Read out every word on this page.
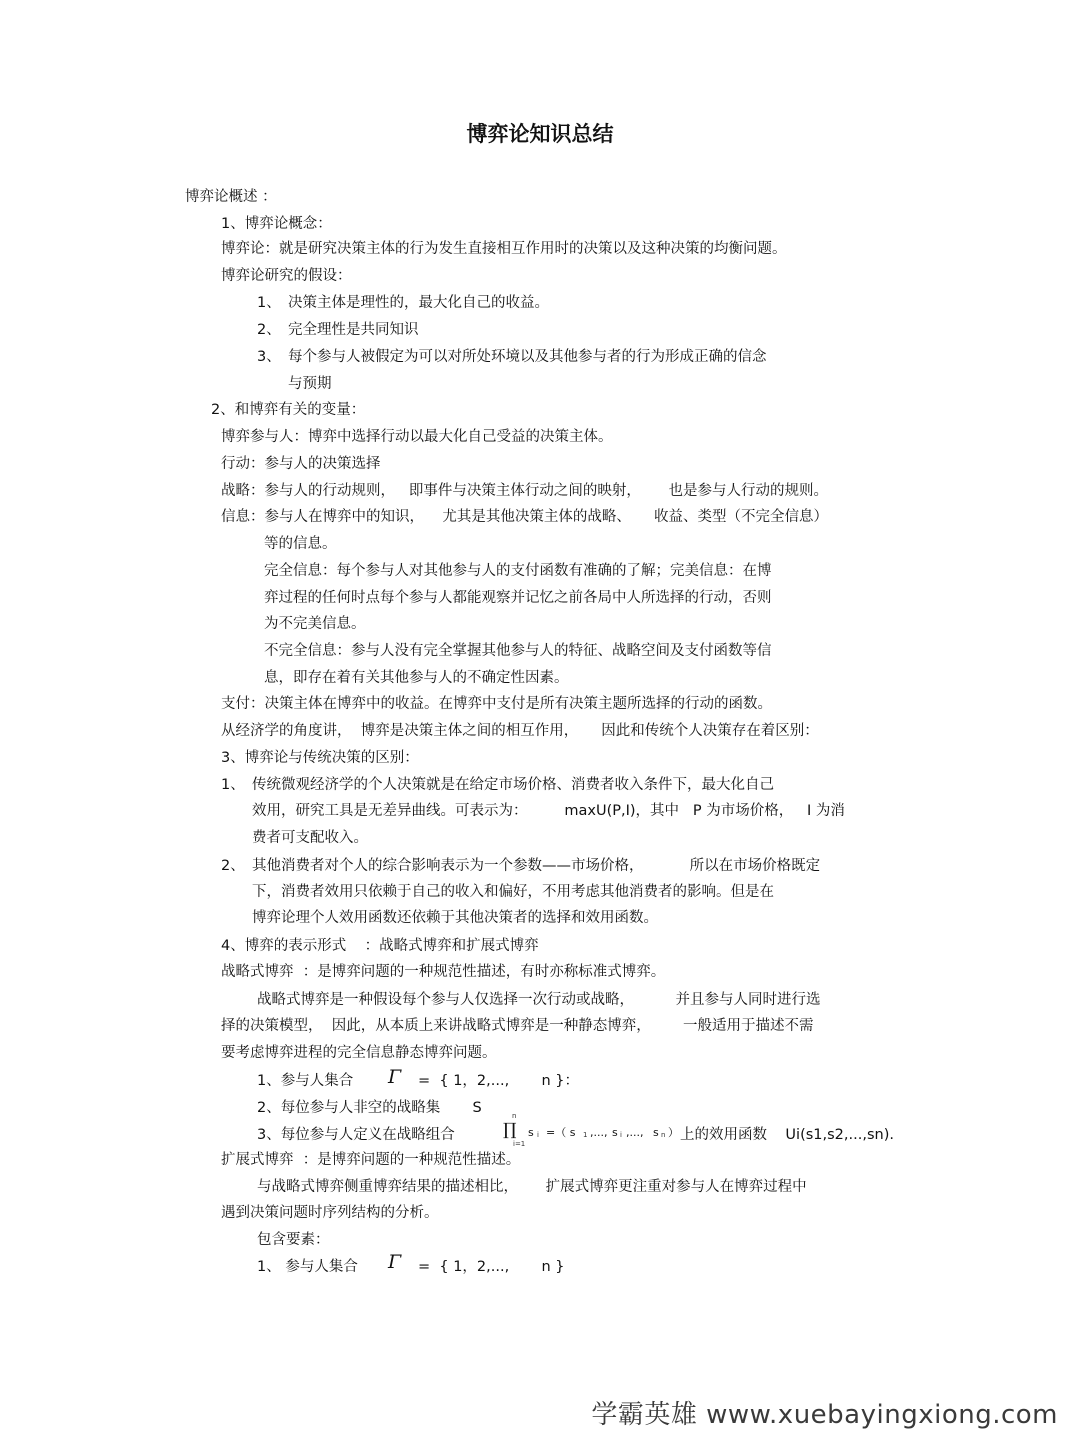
博弈论知识总结
博弈论概述 ：
1、博弈论概念：
博弈论：就是研究决策主体的行为发生直接相互作用时的决策以及这种决策的均衡问题。
博弈论研究的假设：
1、 决策主体是理性的，最大化自己的收益。
2、 完全理性是共同知识
3、 每个参与人被假定为可以对所处环境以及其他参与者的行为形成正确的信念
与预期
2、和博弈有关的变量：
博弈参与人：博弈中选择行动以最大化自己受益的决策主体。
行动：参与人的决策选择
战略：参与人的行动规则，   即事件与决策主体行动之间的映射，      也是参与人行动的规则。
信息：参与人在博弈中的知识，    尤其是其他决策主体的战略、     收益、类型（不完全信息）
等的信息。
完全信息：每个参与人对其他参与人的支付函数有准确的了解；完美信息：在博
弈过程的任何时点每个参与人都能观察并记忆之前各局中人所选择的行动，否则
为不完美信息。
不完全信息：参与人没有完全掌握其他参与人的特征、战略空间及支付函数等信
息，即存在着有关其他参与人的不确定性因素。
支付：决策主体在博弈中的收益。在博弈中支付是所有决策主题所选择的行动的函数。
从经济学的角度讲，  博弈是决策主体之间的相互作用，     因此和传统个人决策存在着区别：
3、博弈论与传统决策的区别：
1、 传统微观经济学的个人决策就是在给定市场价格、消费者收入条件下，最大化自己
效用，研究工具是无差异曲线。可表示为：        maxU(P,I)，其中   P 为市场价格，   I 为消
费者可支配收入。
2、 其他消费者对个人的综合影响表示为一个参数——市场价格，          所以在市场价格既定
下，消费者效用只依赖于自己的收入和偏好，不用考虑其他消费者的影响。但是在
博弈论理个人效用函数还依赖于其他决策者的选择和效用函数。
4、博弈的表示形式    ：战略式博弈和扩展式博弈
战略式博弈  ：是博弈问题的一种规范性描述，有时亦称标准式博弈。
战略式博弈是一种假设每个参与人仅选择一次行动或战略，         并且参与人同时进行选
择的决策模型，  因此，从本质上来讲战略式博弈是一种静态博弈，       一般适用于描述不需
要考虑博弈进程的完全信息静态博弈问题。
1、参与人集合 Γ =  { 1，2,...,       n }：
2、每位参与人非空的战略集       S
3、每位参与人定义在战略组合
n
∏
i=1
s i =（ s 1 ,..., s i ,..., s n ） 上的效用函数    Ui(s1,s2,...,sn).
扩展式博弈  ：是博弈问题的一种规范性描述。
与战略式博弈侧重博弈结果的描述相比，      扩展式博弈更注重对参与人在博弈过程中
遇到决策问题时序列结构的分析。
包含要素：
1、 参与人集合 Γ =  { 1，2,...,       n }
学霸英雄 www.xuebayingxiong.com
